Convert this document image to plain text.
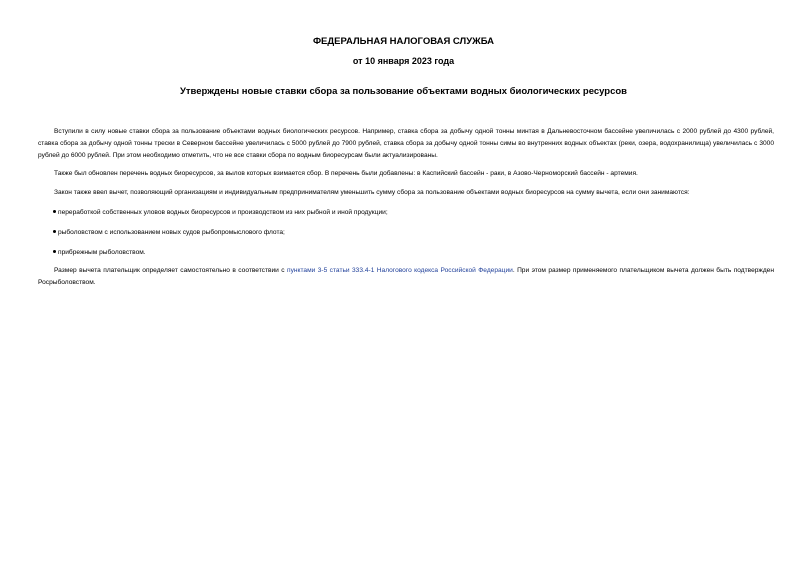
ФЕДЕРАЛЬНАЯ НАЛОГОВАЯ СЛУЖБА
от 10 января 2023 года
Утверждены новые ставки сбора за пользование объектами водных биологических ресурсов

Вступили в силу новые ставки сбора за пользование объектами водных биологических ресурсов. Например, ставка сбора за добычу одной тонны минтая в Дальневосточном бассейне увеличилась с 2000 рублей до 4300 рублей, ставка сбора за добычу одной тонны трески в Северном бассейне увеличилась с 5000 рублей до 7900 рублей, ставка сбора за добычу одной тонны симы во внутренних водных объектах (реки, озера, водохранилища) увеличилась с 3000 рублей до 6000 рублей. При этом необходимо отметить, что не все ставки сбора по водным биоресурсам были актуализированы.

Также был обновлен перечень водных биоресурсов, за вылов которых взимается сбор. В перечень были добавлены: в Каспийский бассейн - раки, в Азово-Черноморский бассейн - артемия.

Закон также ввел вычет, позволяющий организациям и индивидуальным предпринимателям уменьшить сумму сбора за пользование объектами водных биоресурсов на сумму вычета, если они занимаются:

переработкой собственных уловов водных биоресурсов и производством из них рыбной и иной продукции;
рыболовством с использованием новых судов рыбопромыслового флота;
прибрежным рыболовством.

Размер вычета плательщик определяет самостоятельно в соответствии с пунктами 3-5 статьи 333.4-1 Налогового кодекса Российской Федерации. При этом размер применяемого плательщиком вычета должен быть подтвержден Росрыболовством.
